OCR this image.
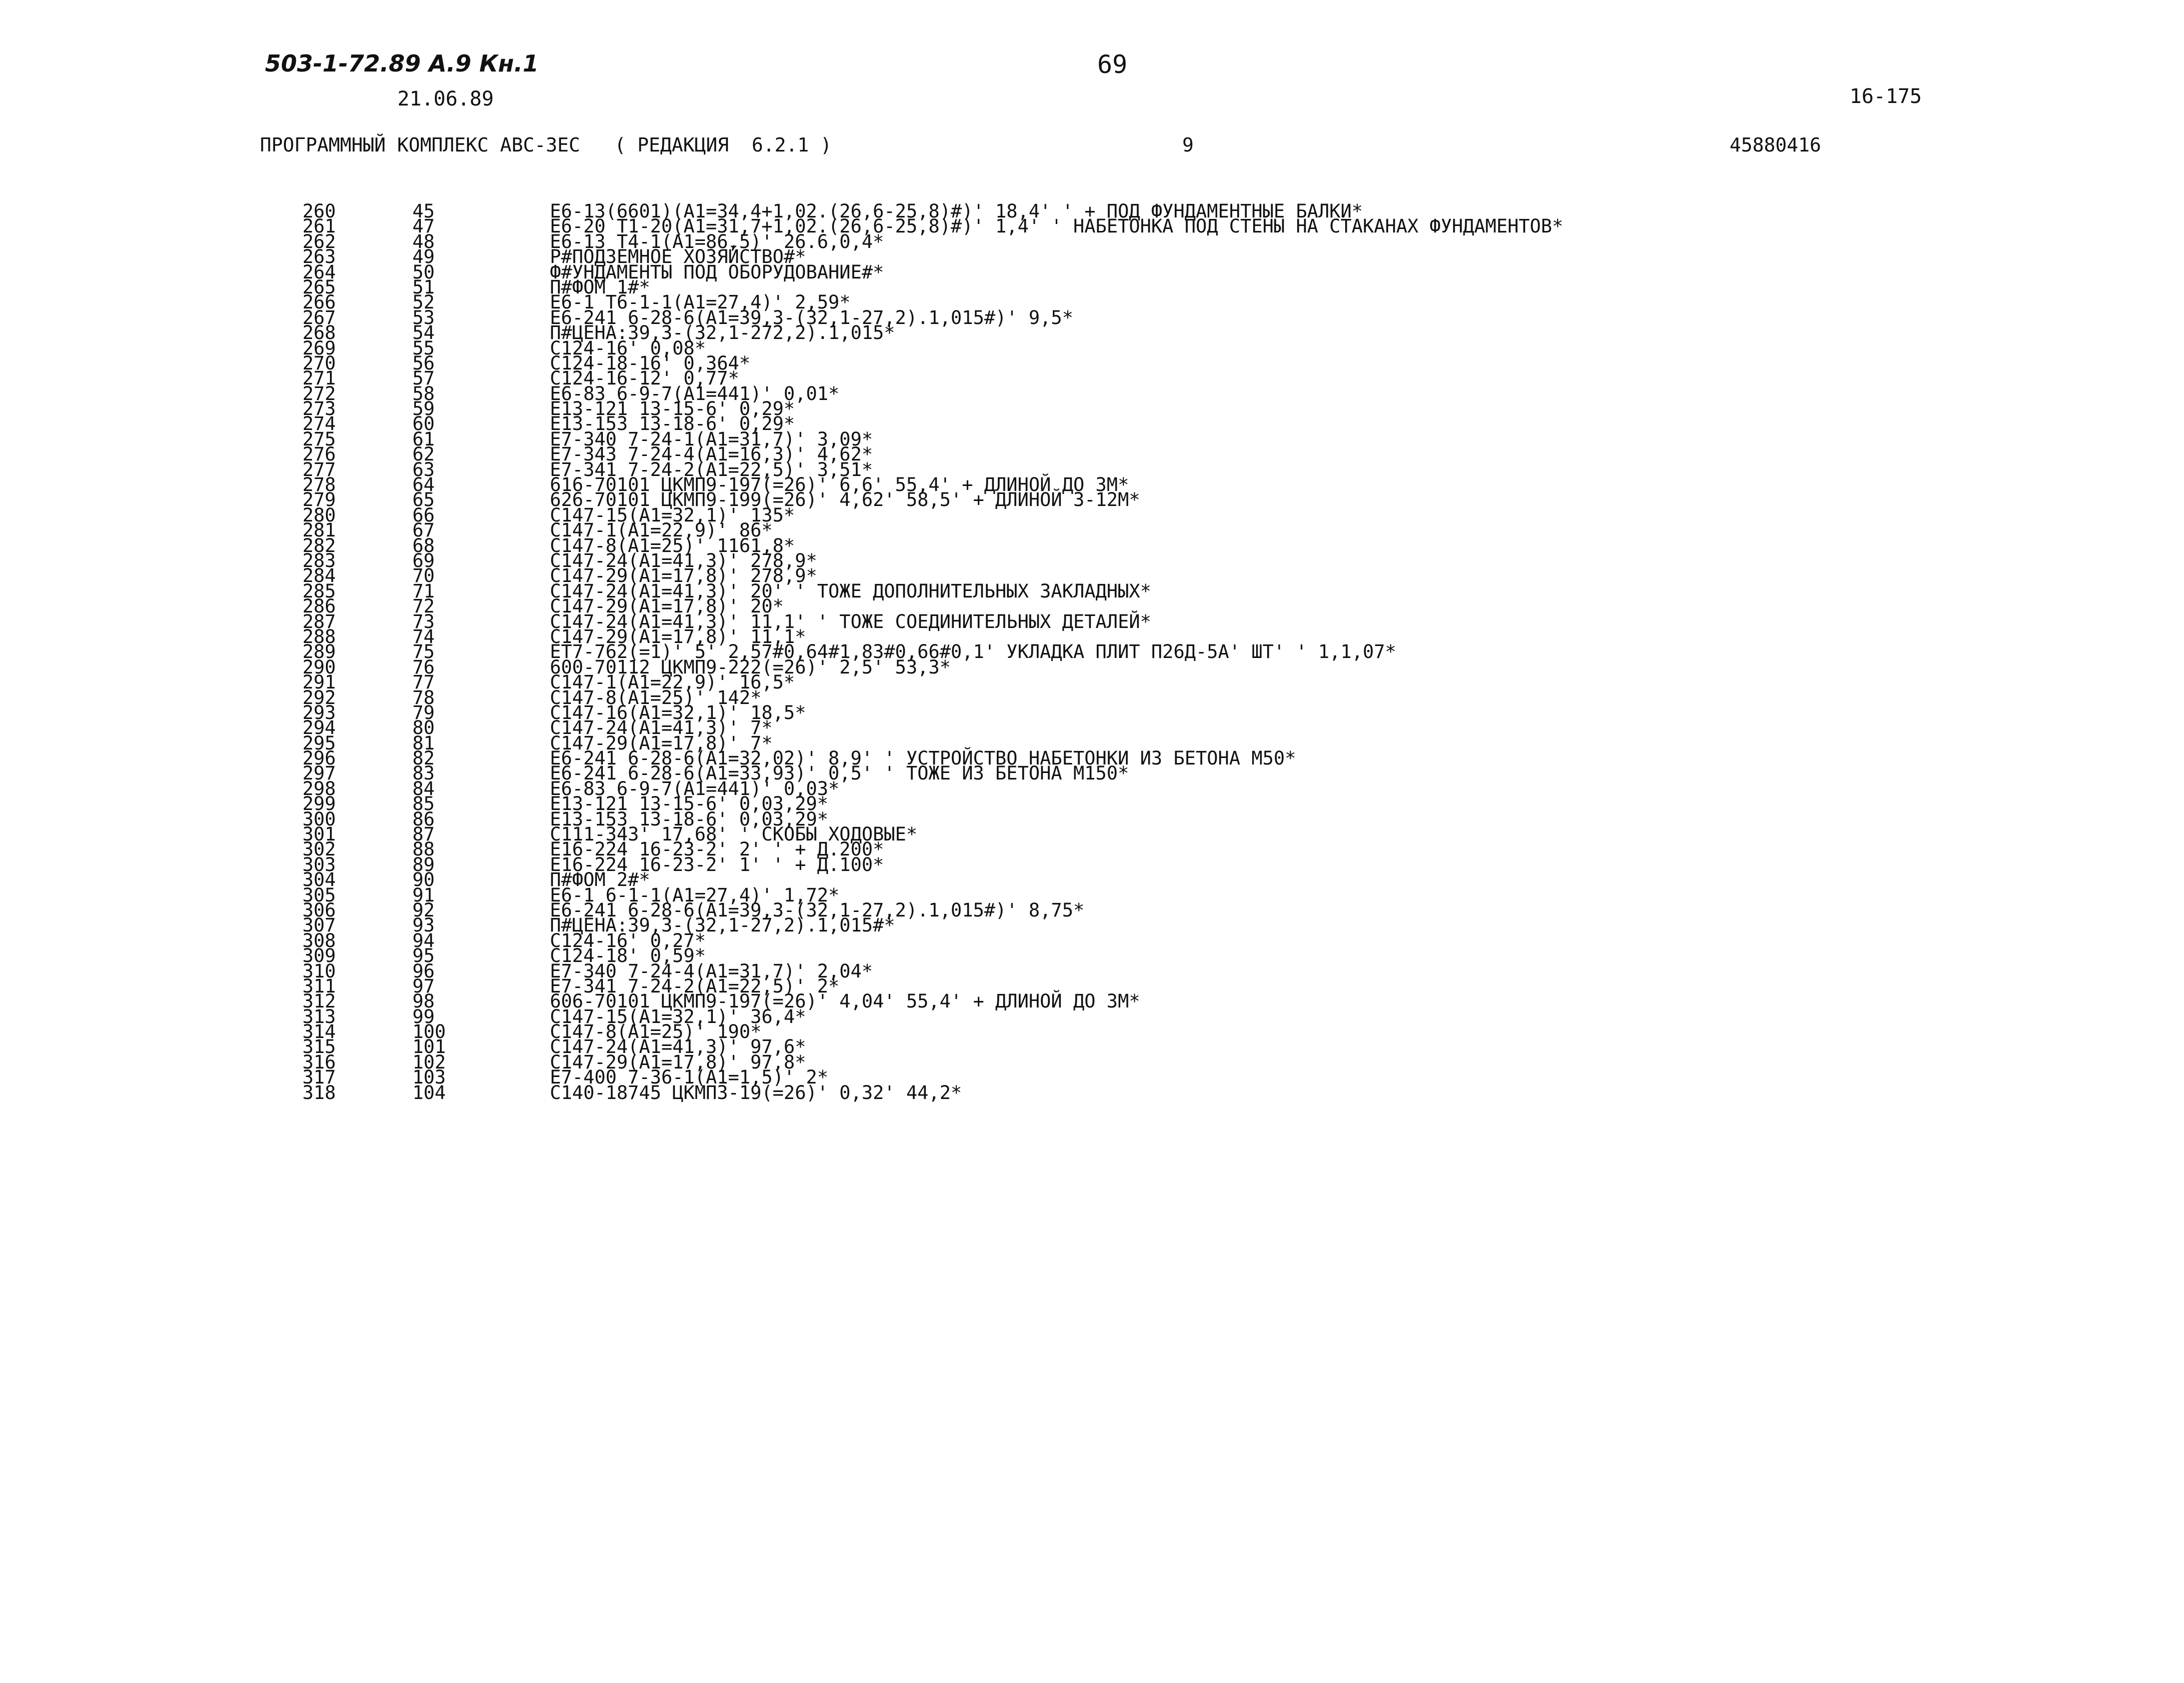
503-1-72.89 А.9 Кн.1
21.06.89
69
16-175
ПРОГРАММНЫЙ КОМПЛЕКС АВС-3ЕС   ( РЕДАКЦИЯ  6.2.1 )	9	45880416
260	45	Е6-13(6601)(А1=34,4+1,02.(26,6-25,8)#)' 18,4' ' + ПОД ФУНДАМЕНТНЫЕ БАЛКИ*
261	47	Е6-20 Т1-20(А1=31,7+1,02.(26,6-25,8)#)' 1,4' ' НАБЕТОНКА ПОД СТЕНЫ НА СТАКАНАХ ФУНДАМЕНТОВ*
262	48	Е6-13 Т4-1(А1=86,5)' 26.6,0,4*
263	49	Р#ПОДЗЕМНОЕ ХОЗЯЙСТВО#*
264	50	Ф#УНДАМЕНТЫ ПОД ОБОРУДОВАНИЕ#*
265	51	П#ФОМ 1#*
266	52	Е6-1 Т6-1-1(А1=27,4)' 2,59*
267	53	Е6-241 6-28-6(А1=39,3-(32,1-27,2).1,015#)' 9,5*
268	54	П#ЦЕНА:39,3-(32,1-272,2).1,015*
269	55	С124-16' 0,08*
270	56	С124-18-16' 0,364*
271	57	С124-16-12' 0,77*
272	58	Е6-83 6-9-7(А1=441)' 0,01*
273	59	Е13-121 13-15-6' 0,29*
274	60	Е13-153 13-18-6' 0,29*
275	61	Е7-340 7-24-1(А1=31,7)' 3,09*
276	62	Е7-343 7-24-4(А1=16,3)' 4,62*
277	63	Е7-341 7-24-2(А1=22,5)' 3,51*
278	64	616-70101 ЦКМП9-197(=26)' 6,6' 55,4' + ДЛИНОЙ ДО 3М*
279	65	626-70101 ЦКМП9-199(=26)' 4,62' 58,5' + ДЛИНОЙ 3-12М*
280	66	С147-15(А1=32,1)' 135*
281	67	С147-1(А1=22,9)' 86*
282	68	С147-8(А1=25)' 1161,8*
283	69	С147-24(А1=41,3)' 278,9*
284	70	С147-29(А1=17,8)' 278,9*
285	71	С147-24(А1=41,3)' 20' ' ТОЖЕ ДОПОЛНИТЕЛЬНЫХ ЗАКЛАДНЫХ*
286	72	С147-29(А1=17,8)' 20*
287	73	С147-24(А1=41,3)' 11,1' ' ТОЖЕ СОЕДИНИТЕЛЬНЫХ ДЕТАЛЕЙ*
288	74	С147-29(А1=17,8)' 11,1*
289	75	ЕТ7-762(=1)' 5' 2,57#0,64#1,83#0,66#0,1' УКЛАДКА ПЛИТ П26Д-5А' ШТ' ' 1,1,07*
290	76	600-70112 ЦКМП9-222(=26)' 2,5' 53,3*
291	77	С147-1(А1=22,9)' 16,5*
292	78	С147-8(А1=25)' 142*
293	79	С147-16(А1=32,1)' 18,5*
294	80	С147-24(А1=41,3)' 7*
295	81	С147-29(А1=17,8)' 7*
296	82	Е6-241 6-28-6(А1=32,02)' 8,9' ' УСТРОЙСТВО НАБЕТОНКИ ИЗ БЕТОНА М50*
297	83	Е6-241 6-28-6(А1=33,93)' 0,5' ' ТОЖЕ ИЗ БЕТОНА М150*
298	84	Е6-83 6-9-7(А1=441)' 0,03*
299	85	Е13-121 13-15-6' 0,03,29*
300	86	Е13-153 13-18-6' 0,03,29*
301	87	С111-343' 17,68' ' СКОБЫ ХОДОВЫЕ*
302	88	Е16-224 16-23-2' 2' ' + Д.200*
303	89	Е16-224 16-23-2' 1' ' + Д.100*
304	90	П#ФОМ 2#*
305	91	Е6-1 6-1-1(А1=27,4)' 1,72*
306	92	Е6-241 6-28-6(А1=39,3-(32,1-27,2).1,015#)' 8,75*
307	93	П#ЦЕНА:39,3-(32,1-27,2).1,015#*
308	94	С124-16' 0,27*
309	95	С124-18' 0,59*
310	96	Е7-340 7-24-4(А1=31,7)' 2,04*
311	97	Е7-341 7-24-2(А1=22,5)' 2*
312	98	606-70101 ЦКМП9-197(=26)' 4,04' 55,4' + ДЛИНОЙ ДО 3М*
313	99	С147-15(А1=32,1)' 36,4*
314	100	С147-8(А1=25)' 190*
315	101	С147-24(А1=41,3)' 97,6*
316	102	С147-29(А1=17,8)' 97,8*
317	103	Е7-400 7-36-1(А1=1,5)' 2*
318	104	С140-18745 ЦКМП3-19(=26)' 0,32' 44,2*
